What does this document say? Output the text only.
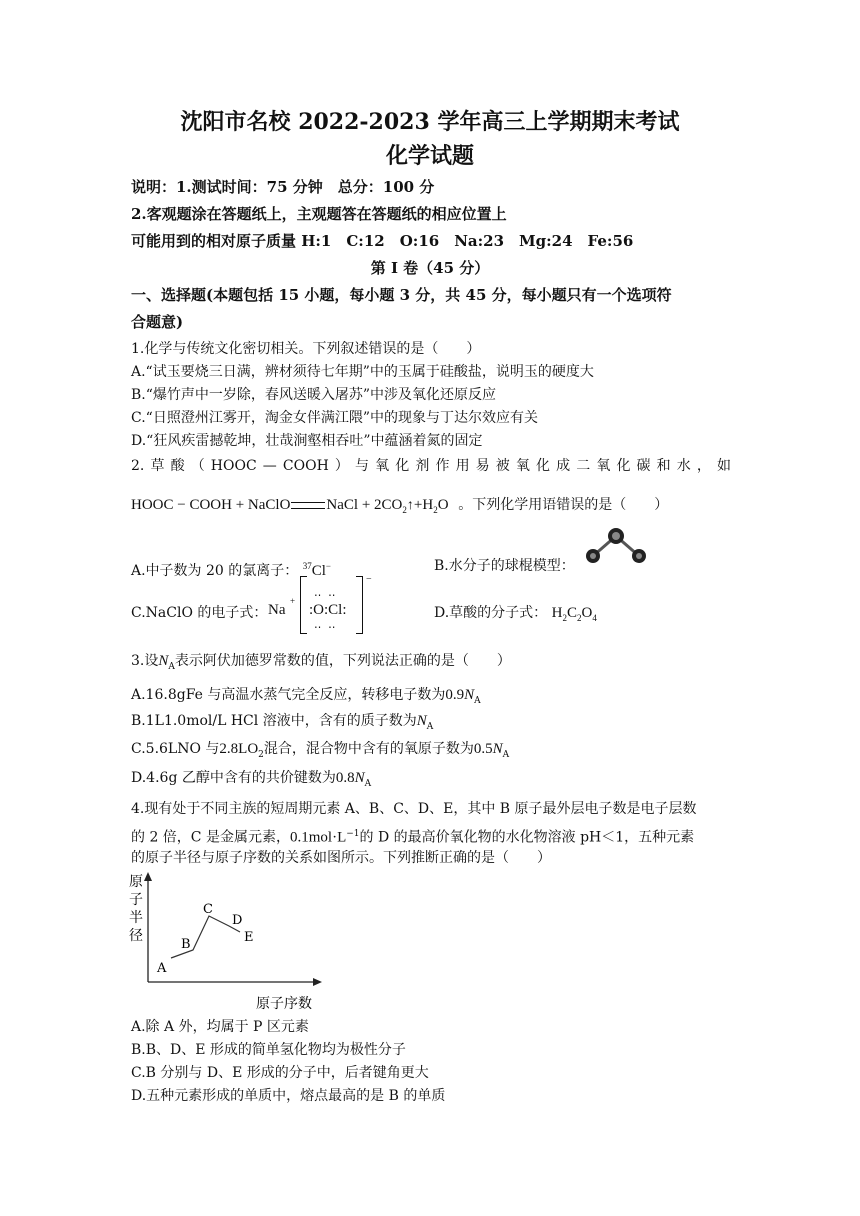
沈阳市名校 2022-2023 学年高三上学期期末考试
化学试题
说明：1.测试时间：75 分钟　总分：100 分
2.客观题涂在答题纸上，主观题答在答题纸的相应位置上
可能用到的相对原子质量 H:1　C:12　O:16　Na:23　Mg:24　Fe:56
第 I 卷（45 分）
一、选择题(本题包括 15 小题，每小题 3 分，共 45 分，每小题只有一个选项符
合题意)
1.化学与传统文化密切相关。下列叙述错误的是（　　）
A.“试玉要烧三日满，辨材须待七年期”中的玉属于硅酸盐，说明玉的硬度大
B.“爆竹声中一岁除，春风送暖入屠苏”中涉及氧化还原反应
C.“日照澄州江雾开，淘金女伴满江隈”中的现象与丁达尔效应有关
D.“狂风疾雷撼乾坤，壮哉涧壑相吞吐”中蕴涵着氮的固定
2. 草 酸 （ HOOC — COOH ） 与 氧 化 剂 作 用 易 被 氧 化 成 二 氧 化 碳 和 水 ， 如
HOOC − COOH + NaClO NaCl + $2CO_2↑+H_2O$ 。下列化学用语错误的是（　　）
A.中子数为 20 的氯离子： $^{37}$Cl−	B.水分子的球棍模型：
C.NaClO 的电子式： Na
+
‥ ‥
:O:Cl:
‥ ‥
−
D.草酸的分子式： $H_2C_2O_4$
3.设$N_A$表示阿伏加德罗常数的值，下列说法正确的是（　　）
A.16.8gFe 与高温水蒸气完全反应，转移电子数为$0.9N_A$
B.1L1.0mol/L HCl 溶液中，含有的质子数为$N_A$
C.5.6LNO 与$2.8LO_2$混合，混合物中含有的氧原子数为$0.5N_A$
D.4.6g 乙醇中含有的共价键数为$0.8N_A$
4.现有处于不同主族的短周期元素 A、B、C、D、E，其中 B 原子最外层电子数是电子层数
的 2 倍，C 是金属元素，$0.1mol\cdot L^{-1}$的 D 的最高价氧化物的水化物溶液 pH＜1，五种元素
的原子半径与原子序数的关系如图所示。下列推断正确的是（　　）
原
子
半
径
A
B
C
D
E
原子序数
A.除 A 外，均属于 P 区元素
B.B、D、E 形成的简单氢化物均为极性分子
C.B 分别与 D、E 形成的分子中，后者键角更大
D.五种元素形成的单质中，熔点最高的是 B 的单质
